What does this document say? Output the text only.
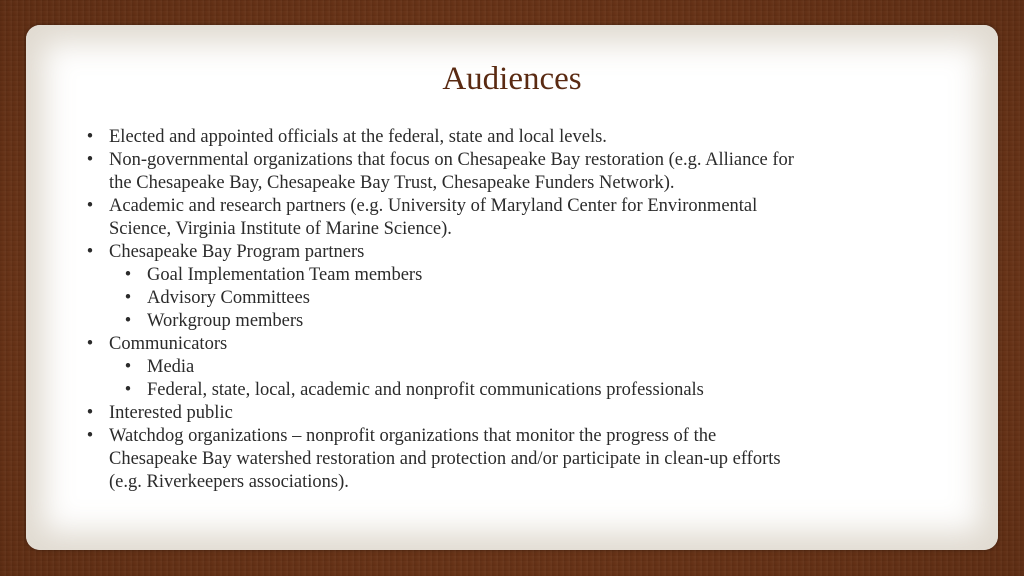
Audiences
• Elected and appointed officials at the federal, state and local levels.
• Non-governmental organizations that focus on Chesapeake Bay restoration (e.g. Alliance for the Chesapeake Bay, Chesapeake Bay Trust, Chesapeake Funders Network).
• Academic and research partners (e.g. University of Maryland Center for Environmental Science, Virginia Institute of Marine Science).
• Chesapeake Bay Program partners
• Goal Implementation Team members
• Advisory Committees
• Workgroup members
• Communicators
• Media
• Federal, state, local, academic and nonprofit communications professionals
• Interested public
• Watchdog organizations – nonprofit organizations that monitor the progress of the Chesapeake Bay watershed restoration and protection and/or participate in clean-up efforts (e.g. Riverkeepers associations).
